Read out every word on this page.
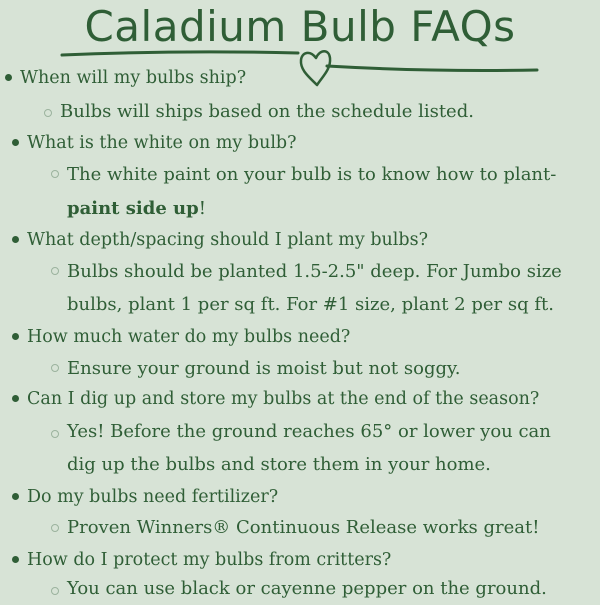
Caladium Bulb FAQs
When will my bulbs ship?
Bulbs will ships based on the schedule listed.
What is the white on my bulb?
The white paint on your bulb is to know how to plant-
paint side up!
What depth/spacing should I plant my bulbs?
Bulbs should be planted 1.5-2.5" deep. For Jumbo size
bulbs, plant 1 per sq ft. For #1 size, plant 2 per sq ft.
How much water do my bulbs need?
Ensure your ground is moist but not soggy.
Can I dig up and store my bulbs at the end of the season?
Yes! Before the ground reaches 65° or lower you can
dig up the bulbs and store them in your home.
Do my bulbs need fertilizer?
Proven Winners® Continuous Release works great!
How do I protect my bulbs from critters?
You can use black or cayenne pepper on the ground.
